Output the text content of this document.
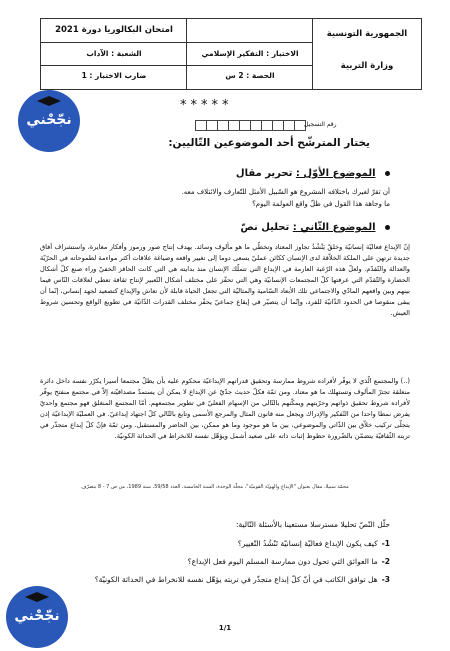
الجمهورية التونسية
وزارة التربية
الاختبار : التفكير الإسلامي
الحصة : 2 س
امتحان البكالوريا دورة 2021
الشعبة : الآداب
ضارب الاختبار : 1
نجّحْني
*****
رقم التسجيل
يختار المترشّح أحد الموضوعين التّاليين:
الموضوع الأوّل : تحرير مقال
أن تقرّ لغيرك باختلافه المشروع هو السّبيل الأمثل للتّعارف والائتلاف معه.
ما وجاهة هذا القول في ظلّ واقع العولمة اليوم؟
الموضوع الثّاني : تحليل نصّ
إنّ الإبداع فعاليّة إنسانيّة وخلقٌ يَنْشُدُ تجاوز المعتاد وتخطّي ما هو مألوف وسائد. يهدف إنتاج صور ورموز وأفكار مغايرة، واستشراف آفاق جديدة ترتهن على الملكة الخلاّقة لدى الإنسان ككائن عمليّ يسعى دوما إلى تغيير واقعه وصياغة علاقات أكثر مواءمة لطموحاته في الحرّيّة والعدالة والتّقدّم. ولعلّ هذه الرّغبة العارمة في الإبداع التي تتملّك الإنسان منذ بدايته هي التي كانت الحافز الخفيّ وراء صنع كلّ أشكال الحضارة والتّقدّم التي عرفتها كلّ المجتمعات الإنسانيّة وهي التي تحفّز على مختلف أشكال التّعبير لإنتاج ثقافة تعطي لعلاقات النّاس فيما بينهم وبين واقعهم المادّي والاجتماعي تلك الأبعاد السّامية والمثاليّة التي تجعل الحياة قابلة لأن تعاش والإبداع كتصعيد لجهد إنساني، إنّما أن يبقى منقوصا في الحدود الذّاتيّة للفرد، وإنّما أن يتصيّر في إيقاع جماعيّ يحفّز مختلف القدرات الذّاتيّة في تطويع الواقع وتحسين شروط العيش.
(..) والمجتمع الّذي لا يوفّر لأفراده شروط ممارسة وتحقيق قدراتهم الإبداعيّة محكوم عليه بأن يظلّ مجتمعا أسيرا يكرّر نفسه داخل دائرة منغلقة تجترّ المألوف وتستهلك ما هو معتاد. ومن ثمّة فكلّ حديث جدّيّ عن الإبداع لا يمكن أن يستمدّ مصداقيّته إلاّ في مجتمع منفتح يوفّر لأفراده شروط تحقيق ذواتهم وحرّيتهم ويمكّنهم بالتّالي من الإسهام الفعليّ في تطوير مجتمعهم. أمّا المجتمع المنغلق فهو مجتمع واحديّ يفرض نمطا واحدا من التّفكير والإدراك ويجعل منه قانون المثال والمرجع الأسمى وتابع بالتّالي كلّ اجتهاد إبداعيّ. في العمليّة الإبداعيّة إذن يتجلّى تركيب خلاّق بين الذّاتي والموضوعي، بين ما هو موجود وما هو ممكن، بين الحاضر والمستقبل. ومن ثمّة فإنّ كلّ إبداع متجذّر في تربته الثّقافيّة يتضمّن بالضّرورة حظوظ إثبات ذاته على صعيد أشمل ويؤهّل نفسه للانخراط في الحداثة الكونيّة.
محمّد سبيلا، مقال بعنوان "الإبداع والهويّة القوميّة"، مجلّة الوحدة، السنة الخامسة، العدد 59/58، سنة 1989، من ص 7 - 8 بتصرّف
حلّل النّصّ تحليلا مسترسلا مستعينا بالأسئلة التّالية:
1-كيف يكون الإبداع فعاليّة إنسانيّة تَنْشُدُ التّغيير؟
2-ما العوائق التي تحول دون ممارسة المسلم اليوم فعل الإبداع؟
3-هل توافق الكاتب في أنّ كلّ إبداع متجذّر في تربته يؤهّل نفسه للانخراط في الحداثة الكونيّة؟
نجّحْني
1/1
